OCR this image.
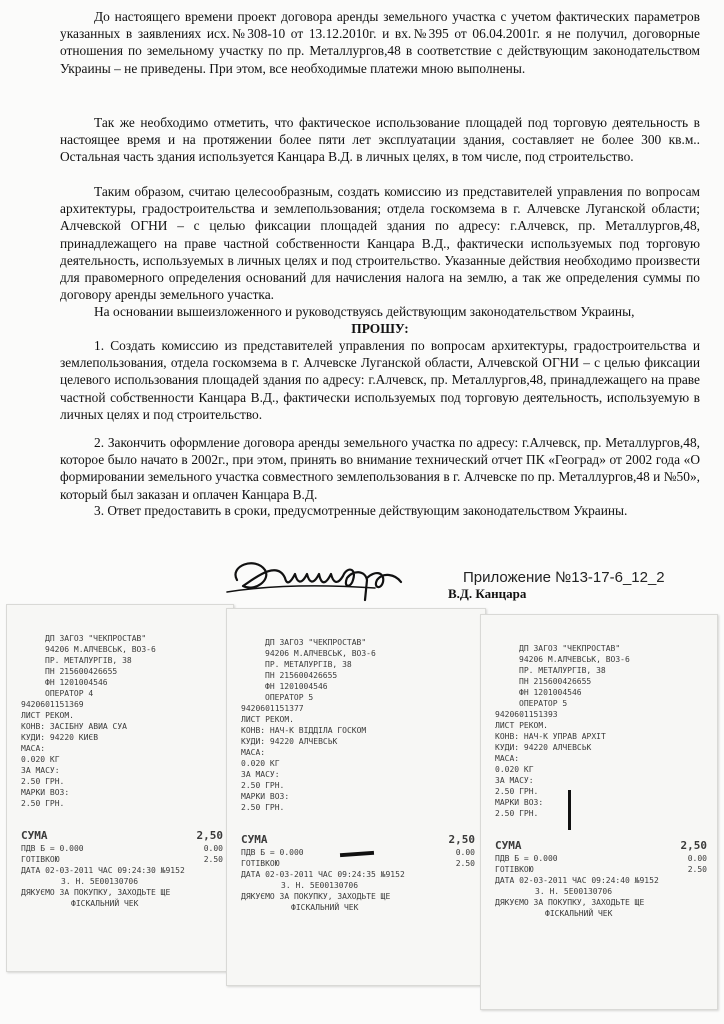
До настоящего времени проект договора аренды земельного участка с учетом фактических параметров указанных в заявлениях исх.№308-10 от 13.12.2010г. и вх.№395 от 06.04.2001г. я не получил, договорные отношения по земельному участку по пр. Металлургов,48 в соответствие с действующим законодательством Украины – не приведены. При этом, все необходимые платежи мною выполнены.

Так же необходимо отметить, что фактическое использование площадей под торговую деятельность в настоящее время и на протяжении более пяти лет эксплуатации здания, составляет не более 300 кв.м.. Остальная часть здания используется Канцара В.Д. в личных целях, в том числе, под строительство.

Таким образом, считаю целесообразным, создать комиссию из представителей управления по вопросам архитектуры, градостроительства и землепользования; отдела госкомзема в г. Алчевске Луганской области; Алчевской ОГНИ – с целью фиксации площадей здания по адресу: г.Алчевск, пр. Металлургов,48, принадлежащего на праве частной собственности Канцара В.Д., фактически используемых под торговую деятельность, используемых в личных целях и под строительство. Указанные действия необходимо произвести для правомерного определения оснований для начисления налога на землю, а так же определения суммы по договору аренды земельного участка.

На основании вышеизложенного и руководствуясь действующим законодательством Украины,

ПРОШУ:

1. Создать комиссию из представителей управления по вопросам архитектуры, градостроительства и землепользования, отдела госкомзема в г. Алчевске Луганской области, Алчевской ОГНИ – с целью фиксации целевого использования площадей здания по адресу: г.Алчевск, пр. Металлургов,48, принадлежащего на праве частной собственности Канцара В.Д., фактически используемых под торговую деятельность, используемую в личных целях и под строительство.

2. Закончить оформление договора аренды земельного участка по адресу: г.Алчевск, пр. Металлургов,48, которое было начато в 2002г., при этом, принять во внимание технический отчет ПК «Геоград» от 2002 года «О формировании земельного участка совместного землепользования в г. Алчевске по пр. Металлургов,48 и №50», который был заказан и оплачен Канцара В.Д.

3. Ответ предоставить в сроки, предусмотренные действующим законодательством Украины.

Приложение №13-17-6_12_2
В.Д. Канцара
ДП ЗАГОЗ "ЧЕКПРОСТАВ"
94206 М.АЛЧЕВСЬК, ВОЗ-6
ПР. МЕТАЛУРГІВ, 38
ПН 215600426655
ФН 1201004546
ОПЕРАТОР 4
9420601151369
ЛИСТ РЕКОМ.
КОНВ: ЗАСІБНУ АВИА СУА
КУДИ: 94220 КИЄВ
МАСА:
0.020 КГ
ЗА МАСУ:
2.50 ГРН.
МАРКИ ВОЗ:
2.50 ГРН.
СУМА	2,50
ПДВ Б = 0.000	0.00
ГОТІВКОЮ	2.50
ДАТА 02-03-2011 ЧАС 09:24:30 №9152
З. Н. 5E00130706
ДЯКУЄМО ЗА ПОКУПКУ, ЗАХОДЬТЕ ЩЕ
ФІСКАЛЬНИЙ ЧЕК
ДП ЗАГОЗ "ЧЕКПРОСТАВ"
94206 М.АЛЧЕВСЬК, ВОЗ-6
ПР. МЕТАЛУРГІВ, 38
ПН 215600426655
ФН 1201004546
ОПЕРАТОР 5
9420601151377
ЛИСТ РЕКОМ.
КОНВ: НАЧ-К ВІДДІЛА ГОСКОМ
КУДИ: 94220 АЛЧЕВСЬК
МАСА:
0.020 КГ
ЗА МАСУ:
2.50 ГРН.
МАРКИ ВОЗ:
2.50 ГРН.
СУМА	2,50
ПДВ Б = 0.000	0.00
ГОТІВКОЮ	2.50
ДАТА 02-03-2011 ЧАС 09:24:35 №9152
З. Н. 5E00130706
ДЯКУЄМО ЗА ПОКУПКУ, ЗАХОДЬТЕ ЩЕ
ФІСКАЛЬНИЙ ЧЕК
ДП ЗАГОЗ "ЧЕКПРОСТАВ"
94206 М.АЛЧЕВСЬК, ВОЗ-6
ПР. МЕТАЛУРГІВ, 38
ПН 215600426655
ФН 1201004546
ОПЕРАТОР 5
9420601151393
ЛИСТ РЕКОМ.
КОНВ: НАЧ-К УПРАВ АРХІТ
КУДИ: 94220 АЛЧЕВСЬК
МАСА:
0.020 КГ
ЗА МАСУ:
2.50 ГРН.
МАРКИ ВОЗ:
2.50 ГРН.
СУМА	2,50
ПДВ Б = 0.000	0.00
ГОТІВКОЮ	2.50
ДАТА 02-03-2011 ЧАС 09:24:40 №9152
З. Н. 5E00130706
ДЯКУЄМО ЗА ПОКУПКУ, ЗАХОДЬТЕ ЩЕ
ФІСКАЛЬНИЙ ЧЕК
